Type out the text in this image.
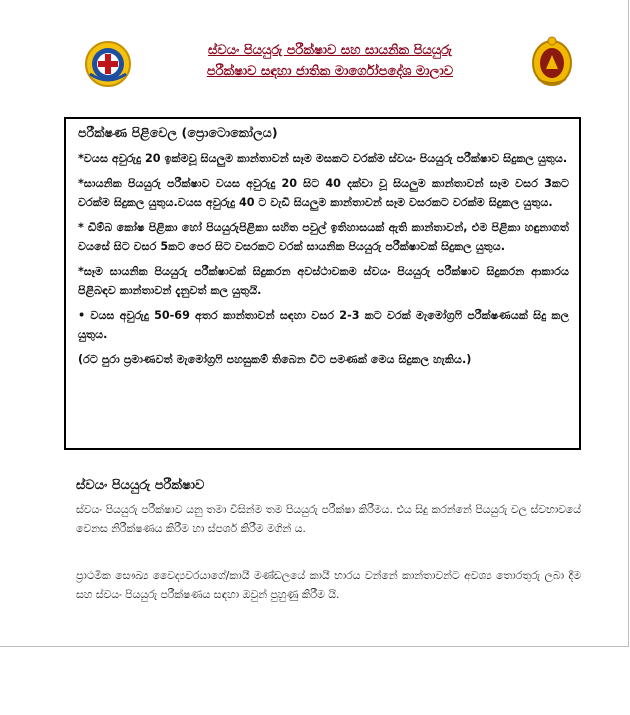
ස්වයං පියයුරු පරීක්ෂාව සහ සායනික පියයුරු
පරීක්ෂාව සඳහා ජාතික මාර්ගෝපදේශ මාලාව
පරීක්ෂණ පිළිවෙල (ප්‍රොටොකෝලය)

*වයස අවුරුදු 20 ඉක්මවූ සියලුම කාන්තාවන් සෑම මසකට වරක්ම ස්වයං පියයුරු පරීක්ෂාව සිදුකල යුතුය.

*සායනික පියයුරු පරීක්ෂාව වයස අවුරුදු 20 සිට 40 දක්වා වූ සියලුම කාන්තාවන් සෑම වසර 3කට වරක්ම සිදුකල යුතුය.වයස අවුරුදු 40 ට වැඩි සියලුම කාන්තාවන් සෑම වසරකට වරක්ම සිදුකල යුතුය.

* ඩිම්බ කෝෂ පිළිකා හෝ පියයුරුපිළිකා සහිත පවුල් ඉතිහාසයක් ඇති කාන්තාවන්, එම පිළිකා හඳුනාගත් වයසේ සිට වසර 5කට පෙර සිට වසරකට වරක් සායනික පියයුරු පරීක්ෂාවක් සිදුකල යුතුය.

*සෑම සායනික පියයුරු පරීක්ෂාවක් සිදුකරන අවස්ථාවකම ස්වයං පියයුරු පරීක්ෂාව සිදුකරන ආකාරය පිළිබඳව කාන්තාවන් දැනුවත් කල යුතුයි.

• වයස අවුරුදු 50-69 අතර කාන්තාවන් සඳහා වසර 2-3 කට වරක් මැමෝග්‍රෆි පරීක්ෂණයක් සිදු කල යුතුය.

(රට පුරා ප්‍රමාණවත් මැමෝග්‍රෆි පහසුකම් තිබෙන විට පමණක් මෙය සිදුකල හැකිය.)

ස්වයං පියයුරු පරීක්ෂාව
ස්වයං පියයුරු පරීක්ෂාව යනු තමා විසින්ම තම පියයුරු පරීක්ෂා කිරීමය. එය සිදු කරන්නේ පියයුරු වල ස්වභාවයේ වෙනස නිරීක්ෂණය කිරීම හා ස්පර්ශ කිරීම මගින් ය.
ප්‍රාථමික සෞඛ්‍ය වෛද්‍යවරයාගේ/කායී මණ්ඩලයේ කායී භාරය වන්නේ කාන්තාවන්ට අවශ්‍ය තොරතුරු ලබා දීම සහ ස්වයං පියයුරු පරීක්ෂණය සඳහා ඔවුන් පුහුණු කිරීම යි.
